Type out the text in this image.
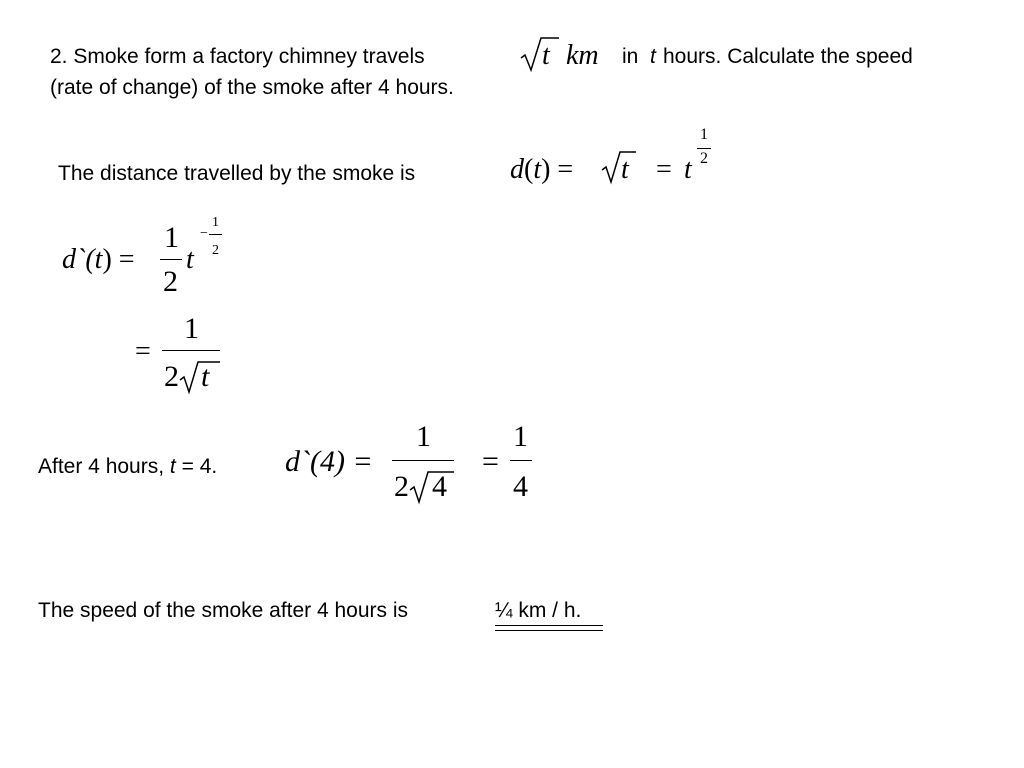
2. Smoke form a factory chimney travels	t km in t hours. Calculate the speed
(rate of change) of the smoke after 4 hours.
The distance travelled by the smoke is	d(t) = t = t
1
2
d`(t) =
1
2
t
−
1
2
=
1
2 t
After 4 hours, t = 4. d`(4) =
1
2 4
=
1
4
The speed of the smoke after 4 hours is	¼ km / h.
